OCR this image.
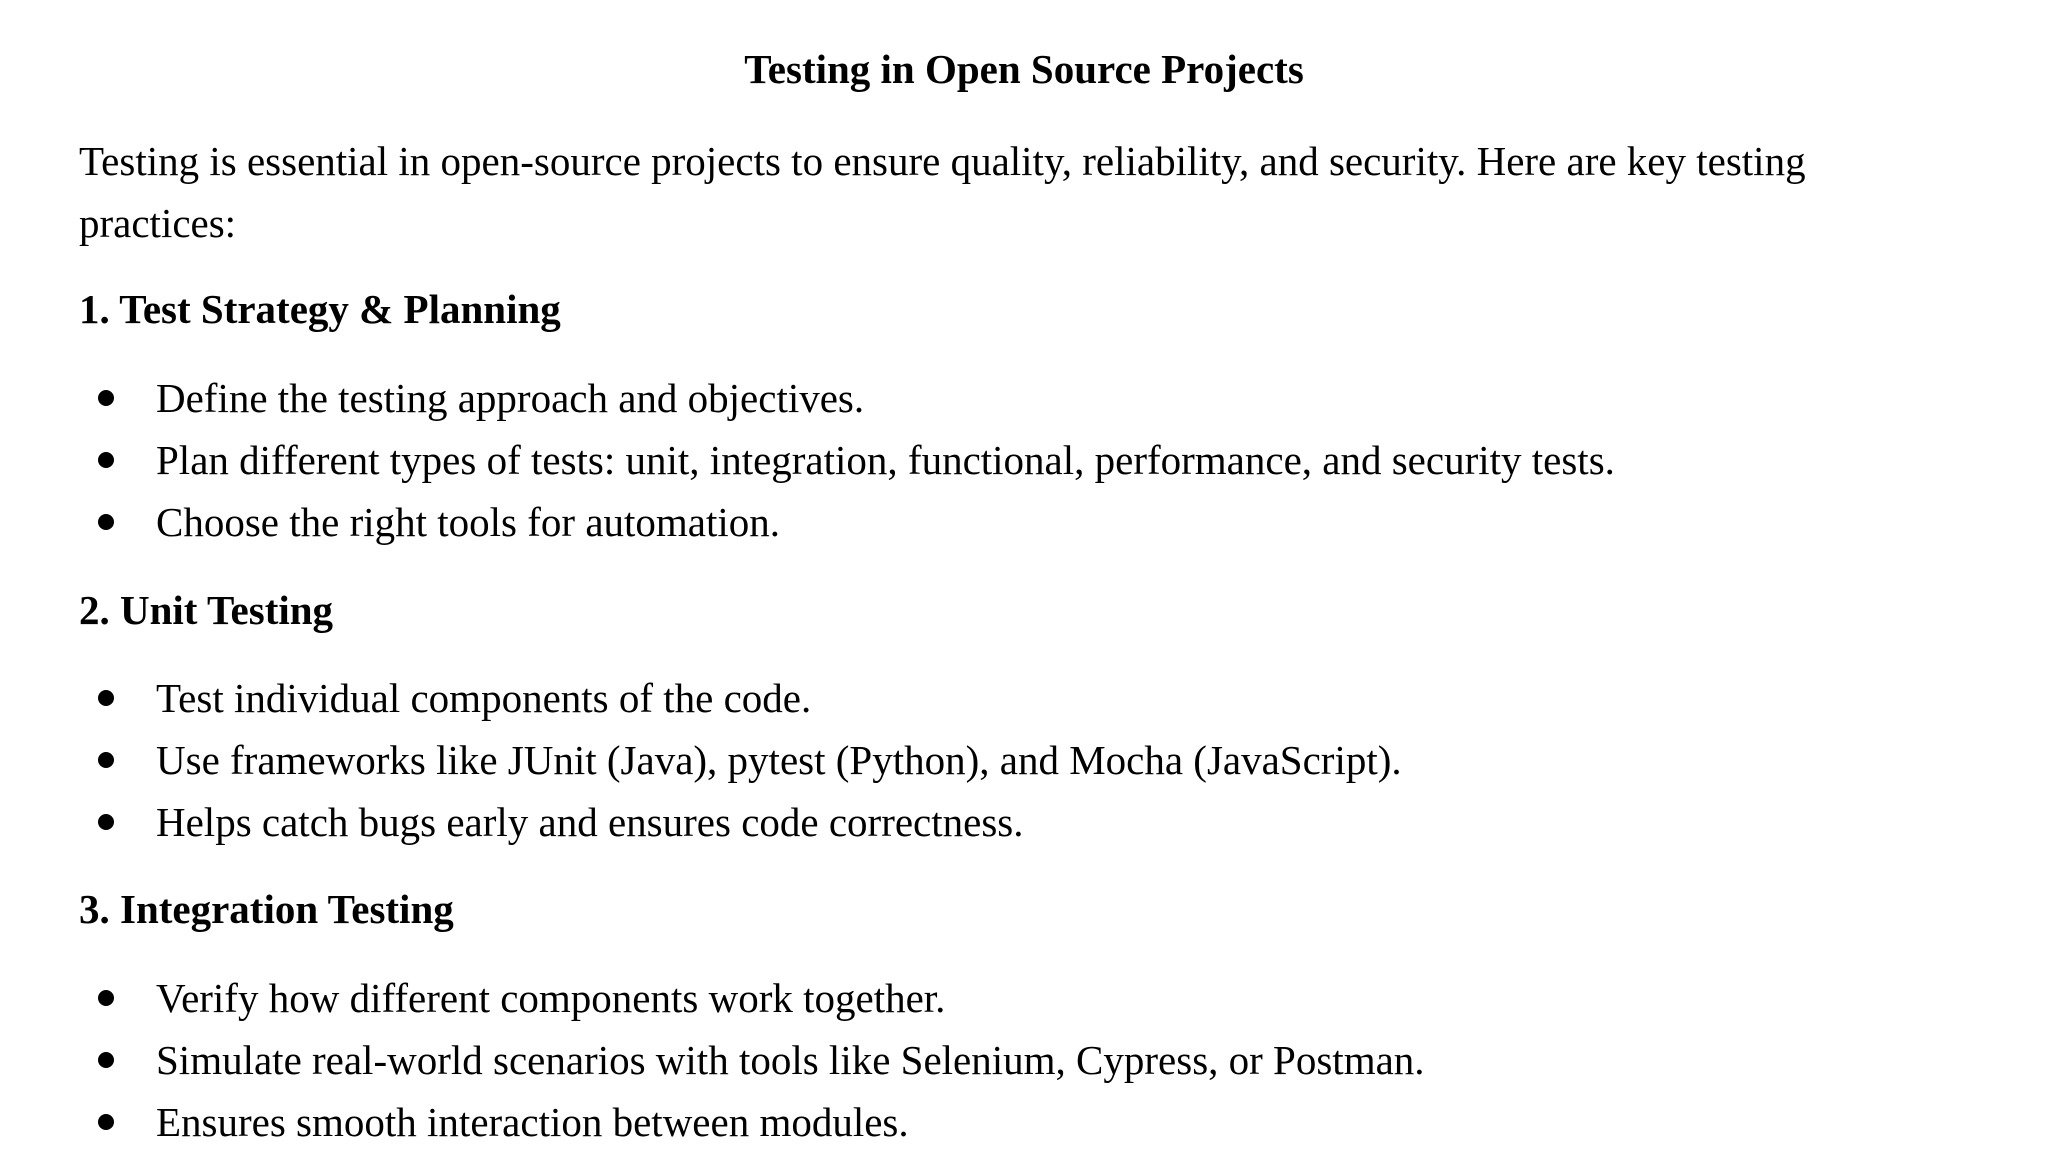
Testing in Open Source Projects

Testing is essential in open-source projects to ensure quality, reliability, and security. Here are key testing practices:

1. Test Strategy & Planning
Define the testing approach and objectives.
Plan different types of tests: unit, integration, functional, performance, and security tests.
Choose the right tools for automation.
2. Unit Testing
Test individual components of the code.
Use frameworks like JUnit (Java), pytest (Python), and Mocha (JavaScript).
Helps catch bugs early and ensures code correctness.
3. Integration Testing
Verify how different components work together.
Simulate real-world scenarios with tools like Selenium, Cypress, or Postman.
Ensures smooth interaction between modules.
